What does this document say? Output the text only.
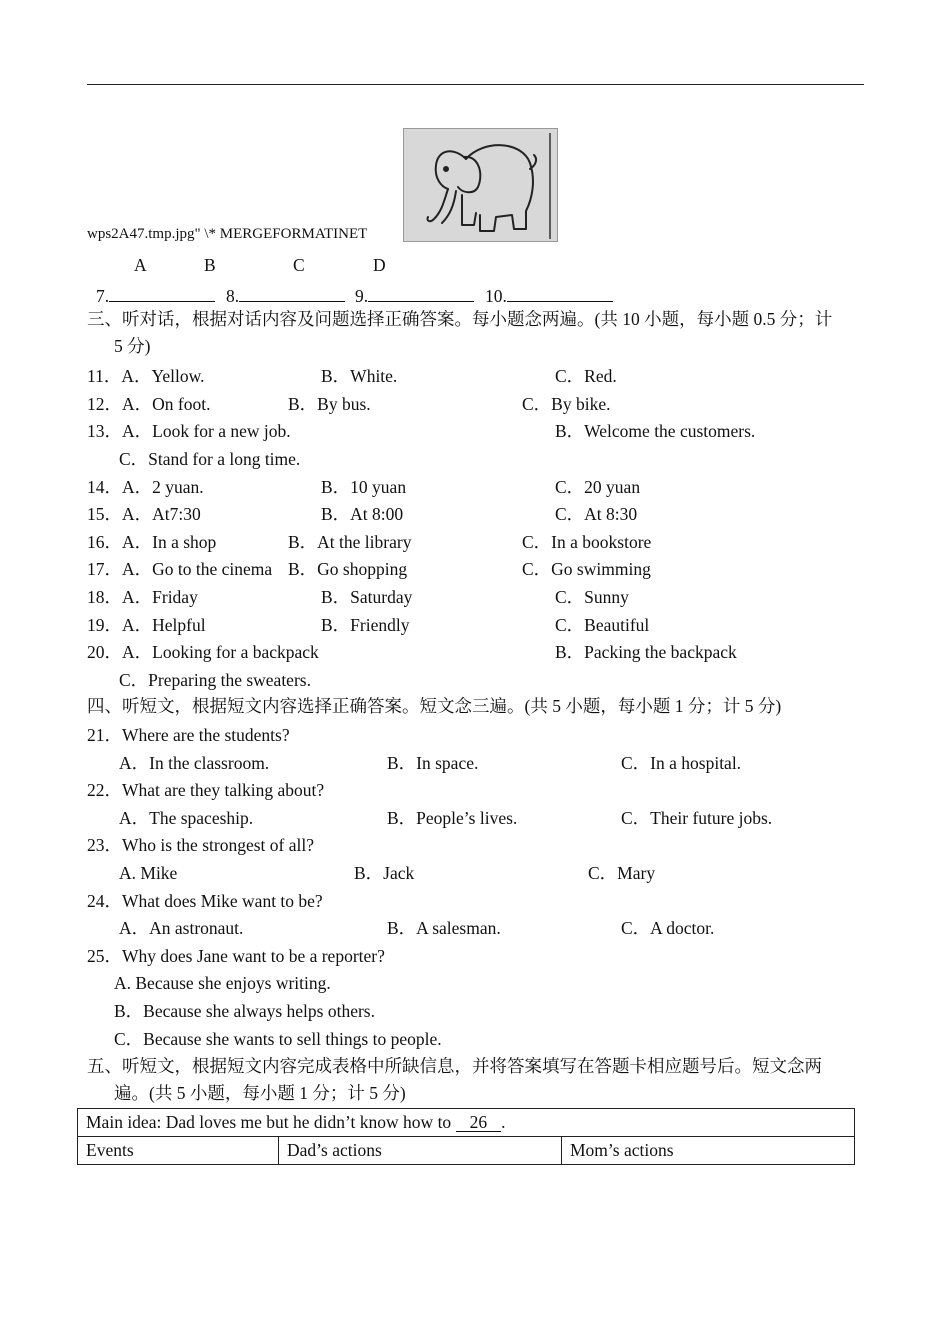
wps2A47.tmp.jpg" \* MERGEFORMATINET
A	B	C	D
7.	8.	9.	10.
三、听对话，根据对话内容及问题选择正确答案。每小题念两遍。(共 10 小题，每小题 0.5 分；计
5 分)
11．A．Yellow.	B．White.	C．Red.
12．A．On foot.	B．By bus.	C．By bike.
13．A．Look for a new job.	B．Welcome the customers.
C．Stand for a long time.
14．A．2 yuan.	B．10 yuan	C．20 yuan
15．A．At7:30	B．At 8:00	C．At 8:30
16．A．In a shop	B．At the library	C．In a bookstore
17．A．Go to the cinema B．Go shopping	C．Go swimming
18．A．Friday	B．Saturday	C．Sunny
19．A．Helpful	B．Friendly	C．Beautiful
20．A．Looking for a backpack	B．Packing the backpack
C．Preparing the sweaters.
四、听短文，根据短文内容选择正确答案。短文念三遍。(共 5 小题，每小题 1 分；计 5 分)
21．Where are the students?
A．In the classroom.	B．In space.	C．In a hospital.
22．What are they talking about?
A．The spaceship.	B．People’s lives.	C．Their future jobs.
23．Who is the strongest of all?
A. Mike	B．Jack	C．Mary
24．What does Mike want to be?
A．An astronaut.	B．A salesman.	C．A doctor.
25．Why does Jane want to be a reporter?
A. Because she enjoys writing.
B．Because she always helps others.
C．Because she wants to sell things to people.
五、听短文，根据短文内容完成表格中所缺信息，并将答案填写在答题卡相应题号后。短文念两
遍。(共 5 小题，每小题 1 分；计 5 分)
Main idea: Dad loves me but he didn’t know how to 26 .
Events	Dad’s actions	Mom’s actions
